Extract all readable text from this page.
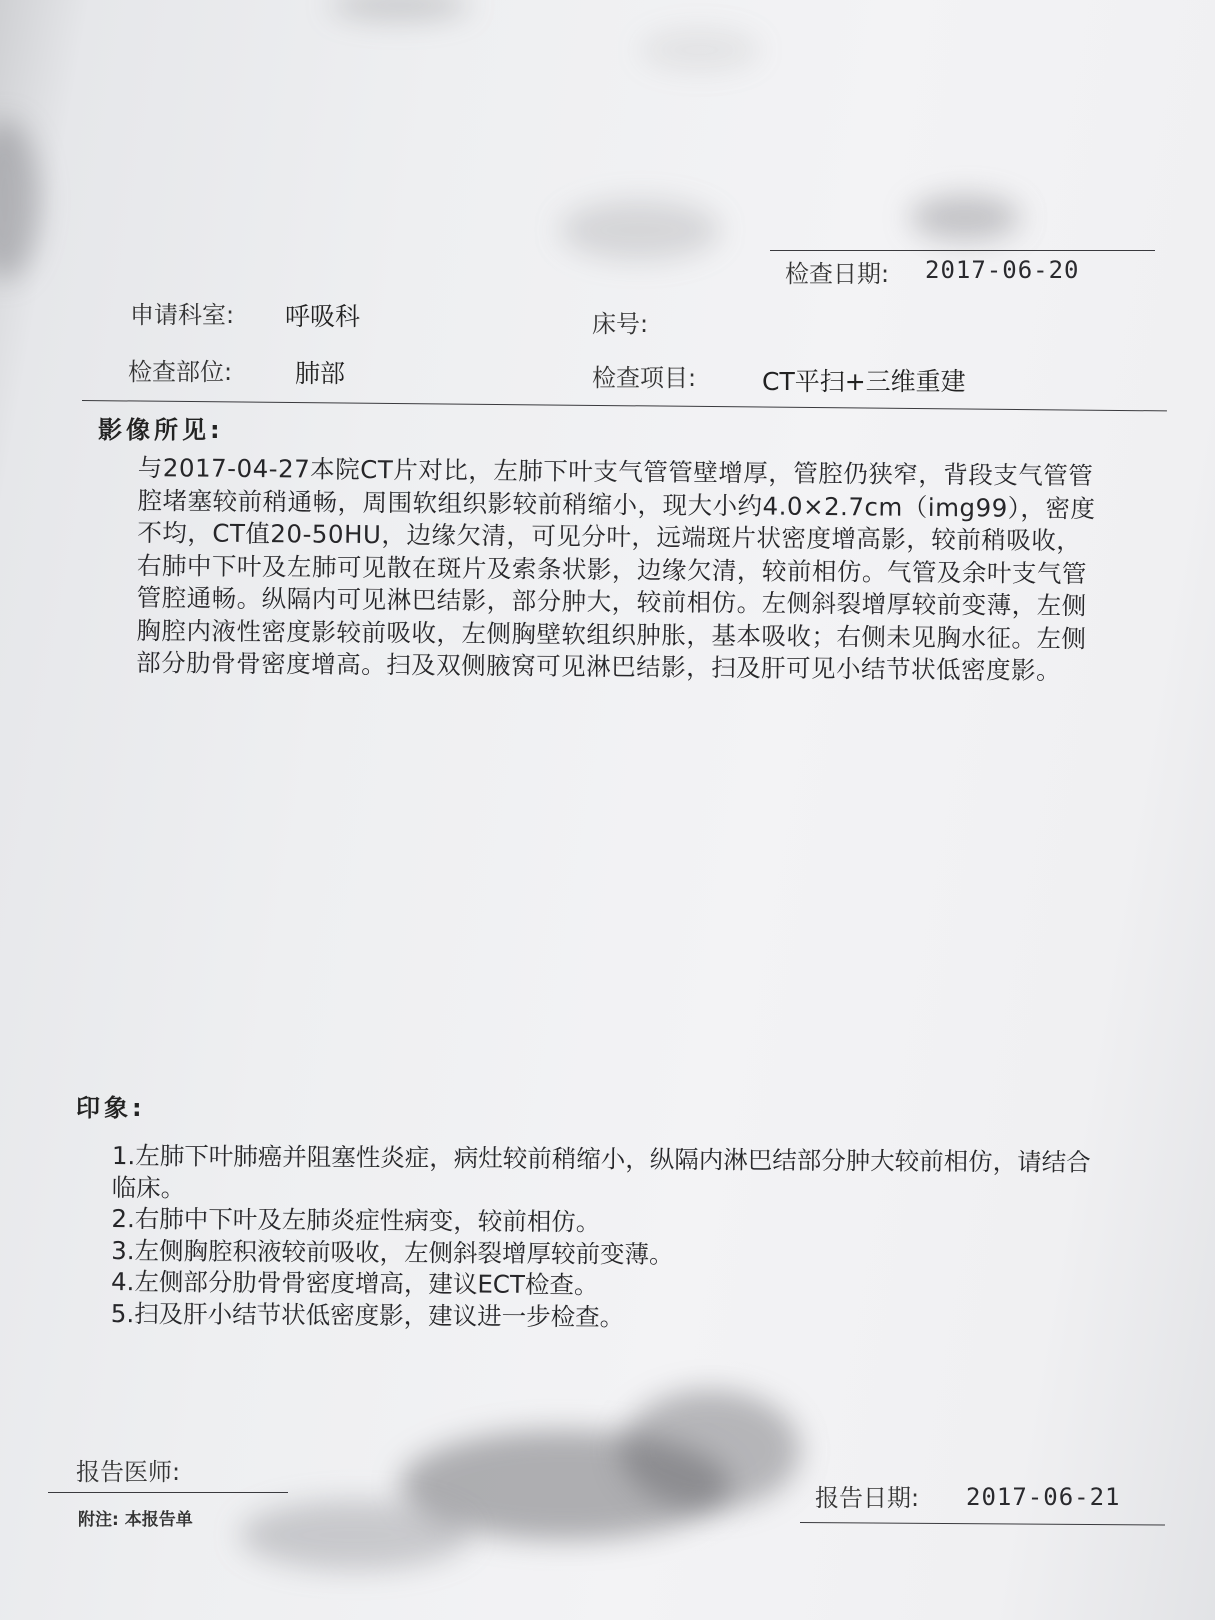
检查日期: 2017-06-20
申请科室: 呼吸科	床号:
检查部位:	肺部	检查项目:	CT平扫+三维重建
影像所见:
与2017-04-27本院CT片对比，左肺下叶支气管管壁增厚，管腔仍狭窄，背段支气管管腔堵塞较前稍通畅，周围软组织影较前稍缩小，现大小约4.0×2.7cm（img99），密度不均，CT值20-50HU，边缘欠清，可见分叶，远端斑片状密度增高影，较前稍吸收，右肺中下叶及左肺可见散在斑片及索条状影，边缘欠清，较前相仿。气管及余叶支气管管腔通畅。纵隔内可见淋巴结影，部分肿大，较前相仿。左侧斜裂增厚较前变薄，左侧胸腔内液性密度影较前吸收，左侧胸壁软组织肿胀，基本吸收；右侧未见胸水征。左侧部分肋骨骨密度增高。扫及双侧腋窝可见淋巴结影，扫及肝可见小结节状低密度影。
印象:
1.左肺下叶肺癌并阻塞性炎症，病灶较前稍缩小，纵隔内淋巴结部分肿大较前相仿，请结合临床。
2.右肺中下叶及左肺炎症性病变，较前相仿。
3.左侧胸腔积液较前吸收，左侧斜裂增厚较前变薄。
4.左侧部分肋骨骨密度增高，建议ECT检查。
5.扫及肝小结节状低密度影，建议进一步检查。
报告医师:
附注: 本报告单
报告日期: 2017-06-21
